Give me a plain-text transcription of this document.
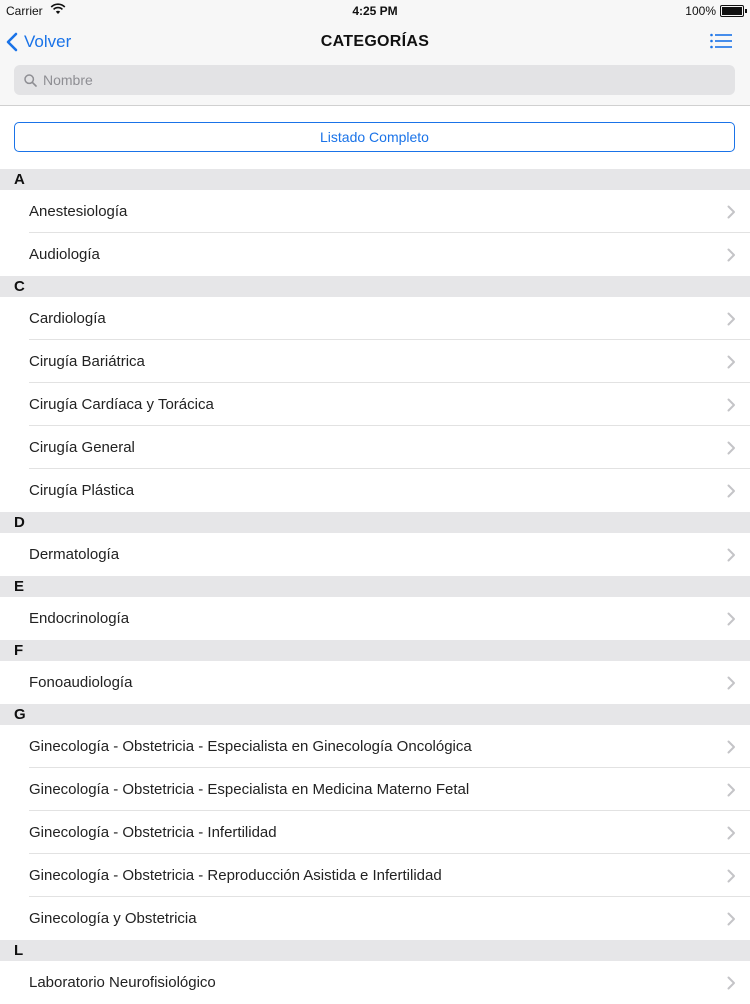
Carrier	4:25 PM	100%
Volver	CATEGORÍAS
Nombre
Listado Completo
A
Anestesiología
Audiología
C
Cardiología
Cirugía Bariátrica
Cirugía Cardíaca y Torácica
Cirugía General
Cirugía Plástica
D
Dermatología
E
Endocrinología
F
Fonoaudiología
G
Ginecología - Obstetricia - Especialista en Ginecología Oncológica
Ginecología - Obstetricia - Especialista en Medicina Materno Fetal
Ginecología - Obstetricia - Infertilidad
Ginecología - Obstetricia - Reproducción Asistida e Infertilidad
Ginecología y Obstetricia
L
Laboratorio Neurofisiológico
